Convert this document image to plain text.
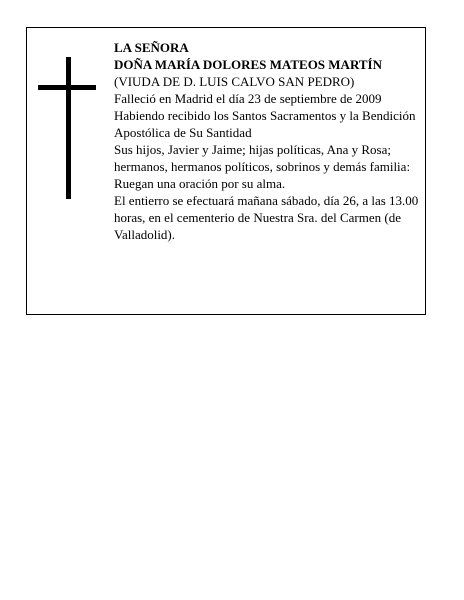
LA SEÑORA

DOÑA MARÍA DOLORES MATEOS MARTÍN

(VIUDA DE D. LUIS CALVO SAN PEDRO)

Falleció en Madrid el día 23 de septiembre de 2009

Habiendo recibido los Santos Sacramentos y la Bendición Apostólica de Su Santidad

Sus hijos, Javier y Jaime; hijas políticas, Ana y Rosa; hermanos, hermanos políticos, sobrinos y demás familia:

Ruegan una oración por su alma.

El entierro se efectuará mañana sábado, día 26, a las 13.00 horas, en el cementerio de Nuestra Sra. del Carmen (de Valladolid).
